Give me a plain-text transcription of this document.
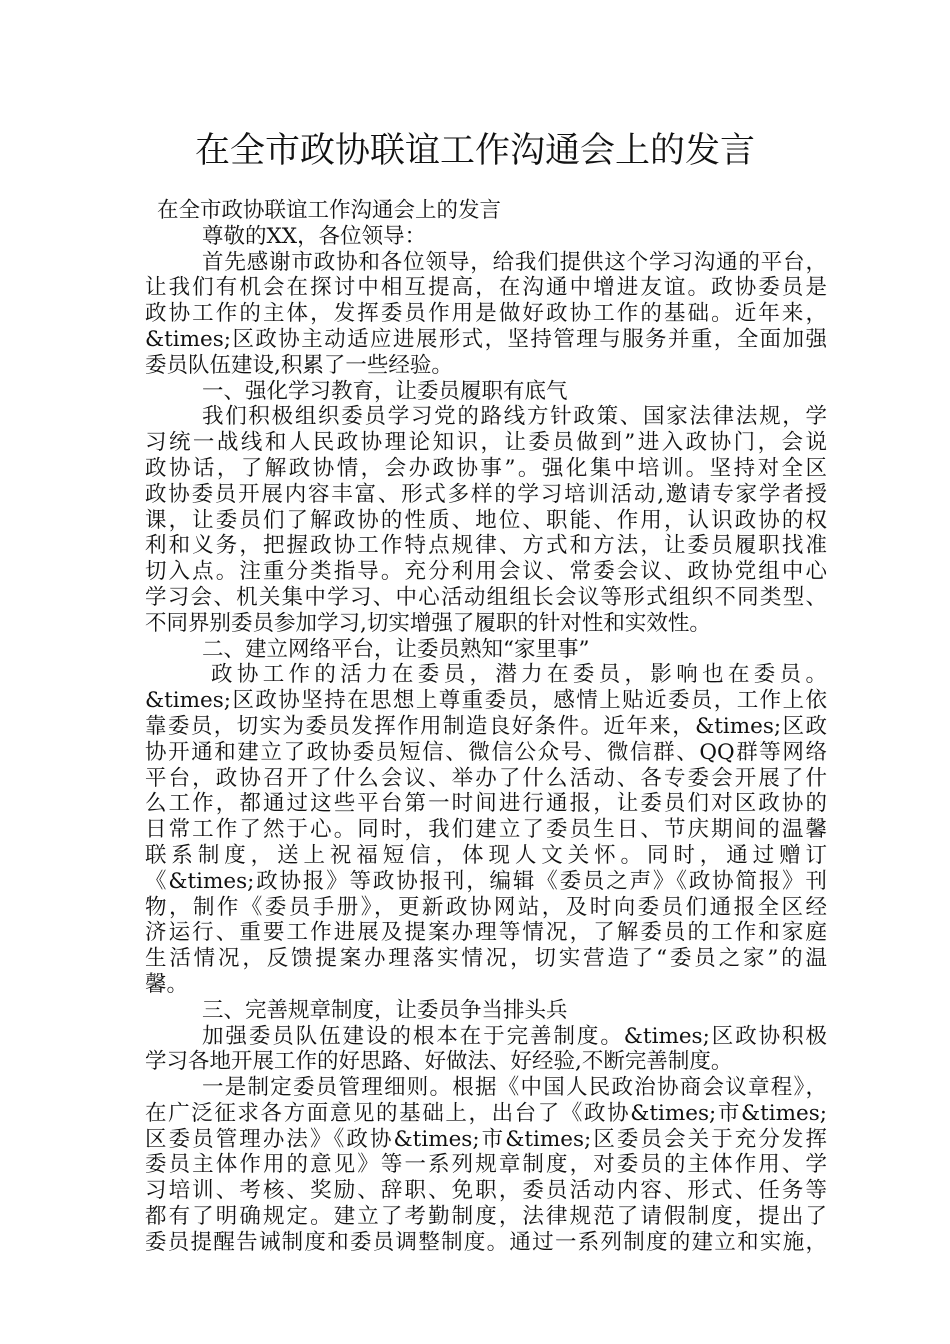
在全市政协联谊工作沟通会上的发言
在全市政协联谊工作沟通会上的发言
尊敬的XX，各位领导：
首先感谢市政协和各位领导，给我们提供这个学习沟通的平台，
让我们有机会在探讨中相互提高，在沟通中增进友谊。政协委员是
政协工作的主体，发挥委员作用是做好政协工作的基础。近年来，
&times;区政协主动适应进展形式，坚持管理与服务并重，全面加强
委员队伍建设,积累了一些经验。
一、强化学习教育，让委员履职有底气
我们积极组织委员学习党的路线方针政策、国家法律法规，学
习统一战线和人民政协理论知识，让委员做到”进入政协门，会说
政协话，了解政协情，会办政协事”。强化集中培训。坚持对全区
政协委员开展内容丰富、形式多样的学习培训活动,邀请专家学者授
课，让委员们了解政协的性质、地位、职能、作用，认识政协的权
利和义务，把握政协工作特点规律、方式和方法，让委员履职找准
切入点。注重分类指导。充分利用会议、常委会议、政协党组中心
学习会、机关集中学习、中心活动组组长会议等形式组织不同类型、
不同界别委员参加学习,切实增强了履职的针对性和实效性。
二、建立网络平台，让委员熟知“家里事”
政协工作的活力在委员，潜力在委员，影响也在委员。
&times;区政协坚持在思想上尊重委员，感情上贴近委员，工作上依
靠委员，切实为委员发挥作用制造良好条件。近年来，&times;区政
协开通和建立了政协委员短信、微信公众号、微信群、QQ群等网络
平台，政协召开了什么会议、举办了什么活动、各专委会开展了什
么工作，都通过这些平台第一时间进行通报，让委员们对区政协的
日常工作了然于心。同时，我们建立了委员生日、节庆期间的温馨
联系制度，送上祝福短信，体现人文关怀。同时，通过赠订
《&times;政协报》等政协报刊，编辑《委员之声》《政协简报》刊
物，制作《委员手册》，更新政协网站，及时向委员们通报全区经
济运行、重要工作进展及提案办理等情况，了解委员的工作和家庭
生活情况，反馈提案办理落实情况，切实营造了“委员之家”的温
馨。
三、完善规章制度，让委员争当排头兵
加强委员队伍建设的根本在于完善制度。&times;区政协积极
学习各地开展工作的好思路、好做法、好经验,不断完善制度。
一是制定委员管理细则。根据《中国人民政治协商会议章程》，
在广泛征求各方面意见的基础上，出台了《政协&times;市&times;
区委员管理办法》《政协&times;市&times;区委员会关于充分发挥
委员主体作用的意见》等一系列规章制度，对委员的主体作用、学
习培训、考核、奖励、辞职、免职，委员活动内容、形式、任务等
都有了明确规定。建立了考勤制度，法律规范了请假制度，提出了
委员提醒告诫制度和委员调整制度。通过一系列制度的建立和实施，
